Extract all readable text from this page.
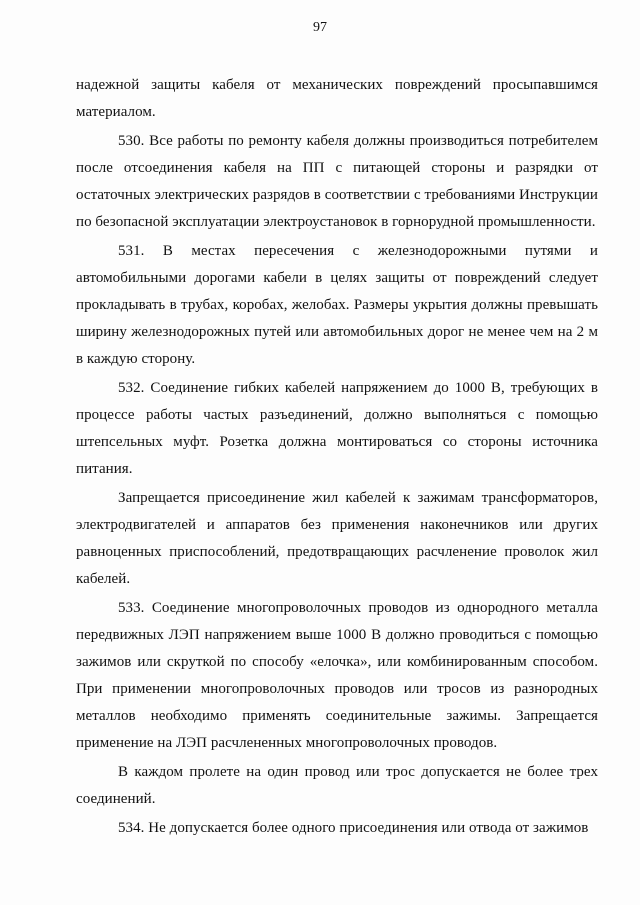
97

надежной защиты кабеля от механических повреждений просыпавшимся материалом.

530. Все работы по ремонту кабеля должны производиться потребителем после отсоединения кабеля на ПП с питающей стороны и разрядки от остаточных электрических разрядов в соответствии с требованиями Инструкции по безопасной эксплуатации электроустановок в горнорудной промышленности.

531. В местах пересечения с железнодорожными путями и автомобильными дорогами кабели в целях защиты от повреждений следует прокладывать в трубах, коробах, желобах. Размеры укрытия должны превышать ширину железнодорожных путей или автомобильных дорог не менее чем на 2 м в каждую сторону.

532. Соединение гибких кабелей напряжением до 1000 В, требующих в процессе работы частых разъединений, должно выполняться с помощью штепсельных муфт. Розетка должна монтироваться со стороны источника питания.

Запрещается присоединение жил кабелей к зажимам трансформаторов, электродвигателей и аппаратов без применения наконечников или других равноценных приспособлений, предотвращающих расчленение проволок жил кабелей.

533. Соединение многопроволочных проводов из однородного металла передвижных ЛЭП напряжением выше 1000 В должно проводиться с помощью зажимов или скруткой по способу «елочка», или комбинированным способом. При применении многопроволочных проводов или тросов из разнородных металлов необходимо применять соединительные зажимы. Запрещается применение на ЛЭП расчлененных многопроволочных проводов.

В каждом пролете на один провод или трос допускается не более трех соединений.

534. Не допускается более одного присоединения или отвода от зажимов
